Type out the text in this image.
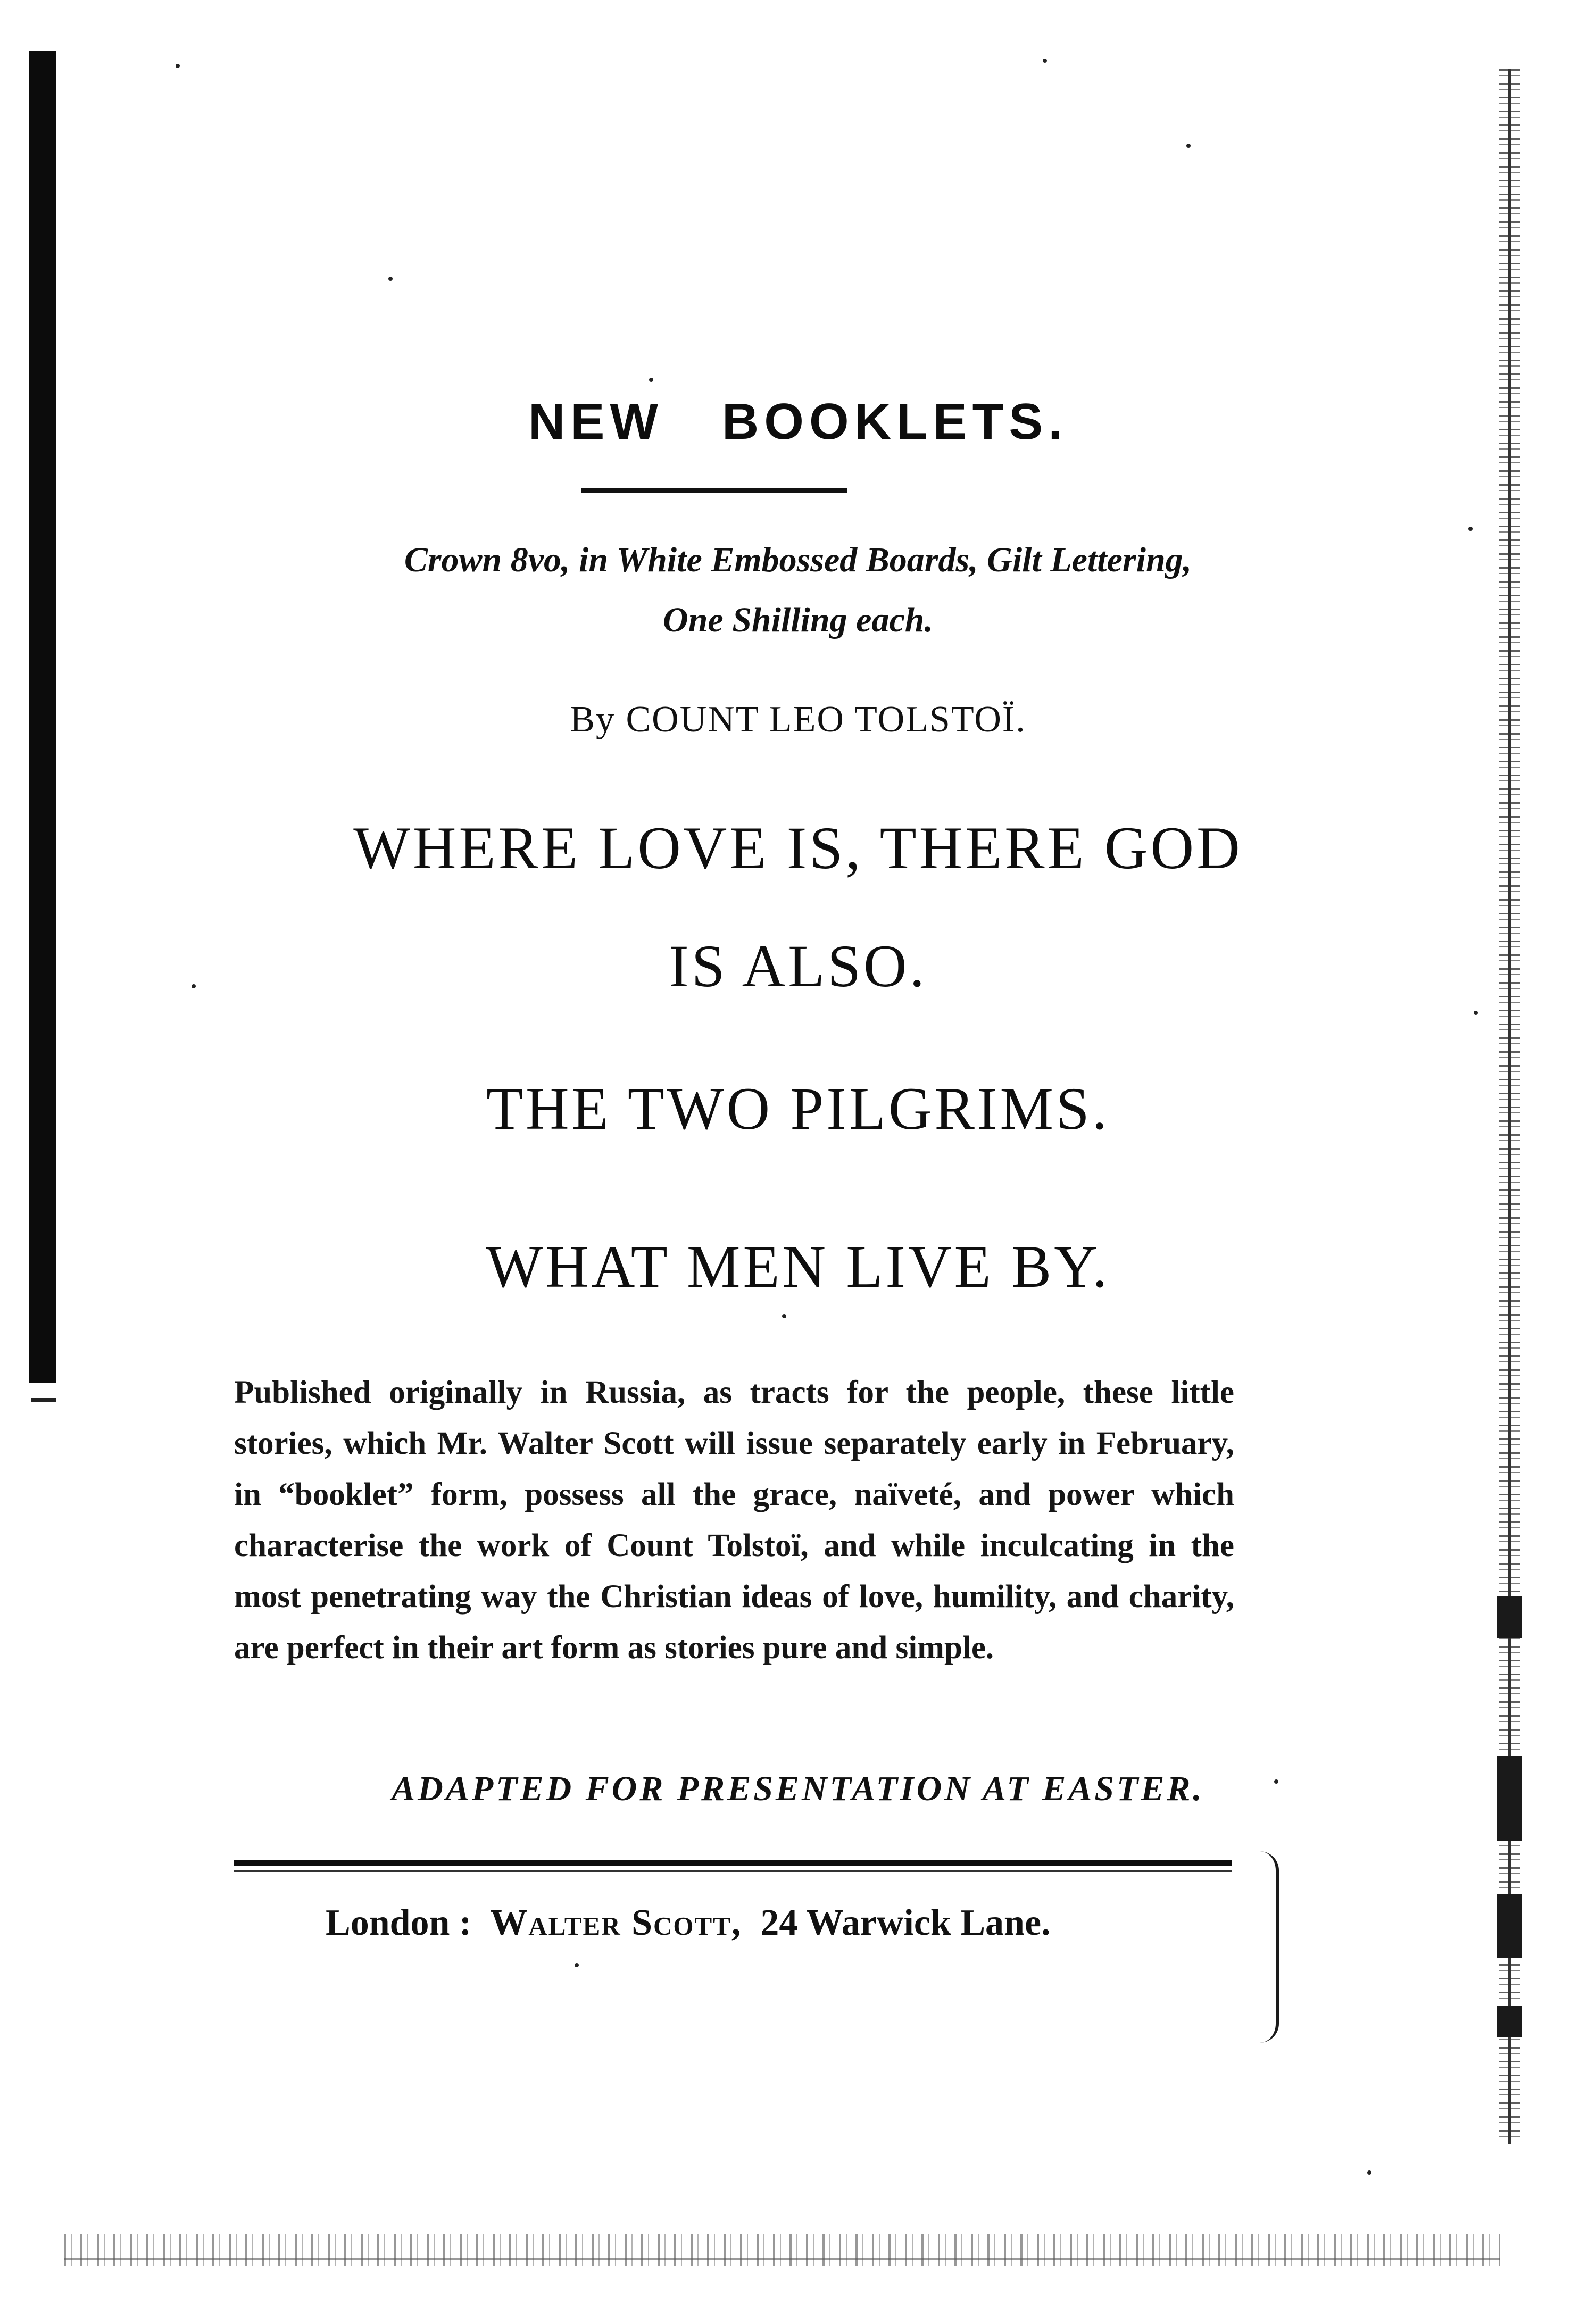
NEW BOOKLETS.
Crown 8vo, in White Embossed Boards, Gilt Lettering,
One Shilling each.
By COUNT LEO TOLSTOÏ.
WHERE LOVE IS, THERE GOD
IS ALSO.
THE TWO PILGRIMS.
WHAT MEN LIVE BY.
Published originally in Russia, as tracts for the people, these little stories, which Mr. Walter Scott will issue separately early in February, in “booklet” form, possess all the grace, naïveté, and power which characterise the work of Count Tolstoï, and while inculcating in the most penetrating way the Christian ideas of love, humility, and charity, are perfect in their art form as stories pure and simple.
ADAPTED FOR PRESENTATION AT EASTER.
London : Walter Scott, 24 Warwick Lane.
